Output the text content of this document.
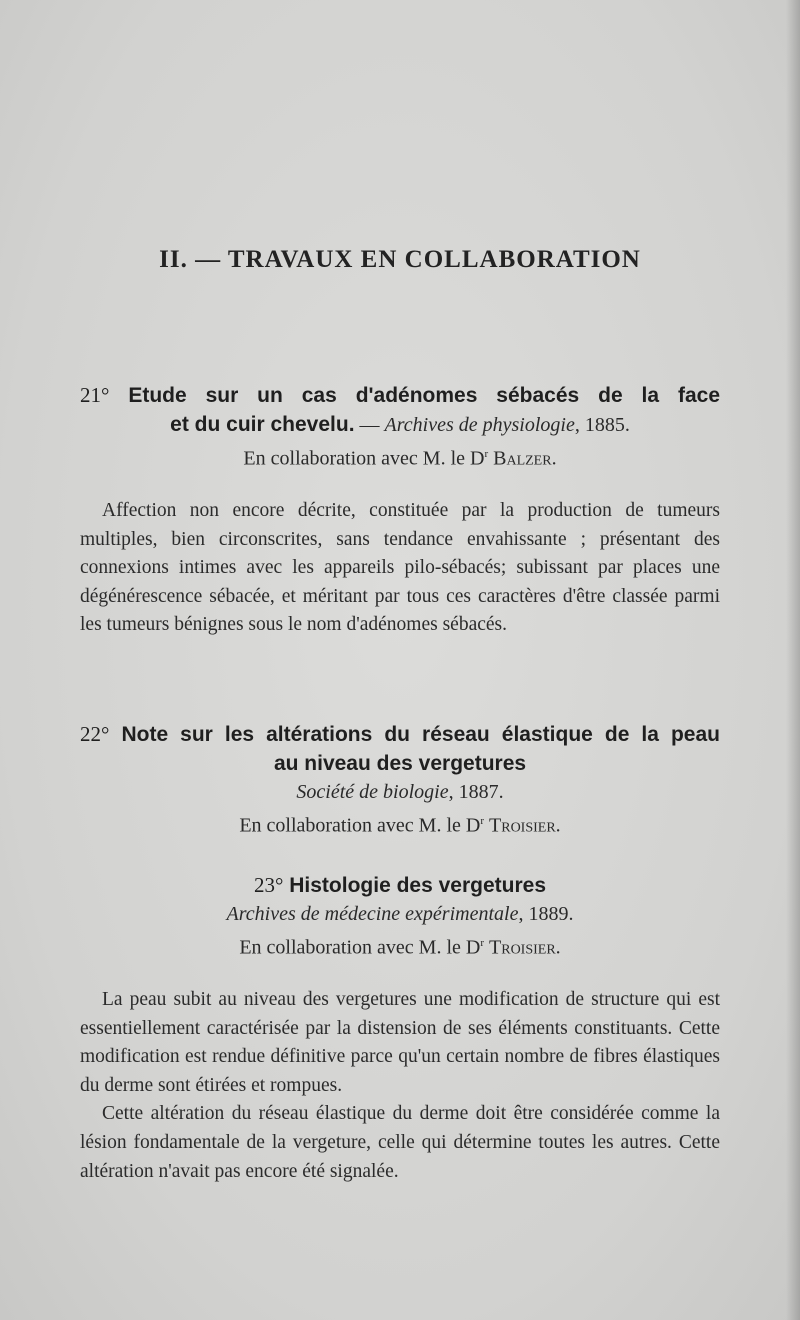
II. — TRAVAUX EN COLLABORATION
21° Etude sur un cas d'adénomes sébacés de la face
et du cuir chevelu. — Archives de physiologie, 1885.
En collaboration avec M. le $D^r$ Balzer.

Affection non encore décrite, constituée par la production de tumeurs multiples, bien circonscrites, sans tendance envahissante ; présentant des connexions intimes avec les appareils pilo-sébacés; subissant par places une dégénérescence sébacée, et méritant par tous ces caractères d'être classée parmi les tumeurs bénignes sous le nom d'adénomes sébacés.

22° Note sur les altérations du réseau élastique de la peau
au niveau des vergetures
Société de biologie, 1887.
En collaboration avec M. le $D^r$ Troisier.
23° Histologie des vergetures
Archives de médecine expérimentale, 1889.
En collaboration avec M. le $D^r$ Troisier.

La peau subit au niveau des vergetures une modification de structure qui est essentiellement caractérisée par la distension de ses éléments constituants. Cette modification est rendue définitive parce qu'un certain nombre de fibres élastiques du derme sont étirées et rompues.

Cette altération du réseau élastique du derme doit être considérée comme la lésion fondamentale de la vergeture, celle qui détermine toutes les autres. Cette altération n'avait pas encore été signalée.
